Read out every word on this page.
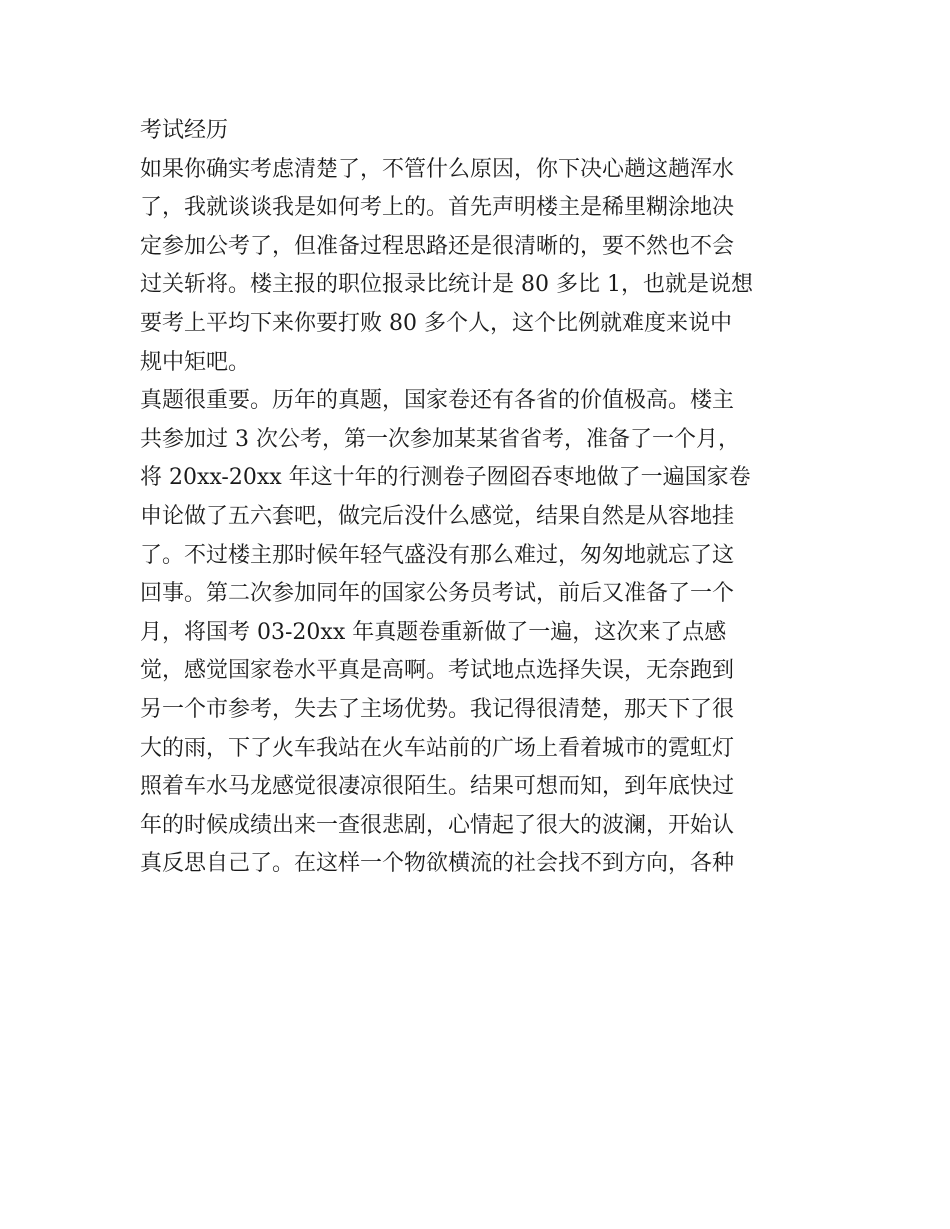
考试经历
如果你确实考虑清楚了，不管什么原因，你下决心趟这趟浑水
了，我就谈谈我是如何考上的。首先声明楼主是稀里糊涂地决
定参加公考了，但准备过程思路还是很清晰的，要不然也不会
过关斩将。楼主报的职位报录比统计是 80 多比 1，也就是说想
要考上平均下来你要打败 80 多个人，这个比例就难度来说中
规中矩吧。
真题很重要。历年的真题，国家卷还有各省的价值极高。楼主
共参加过 3 次公考，第一次参加某某省省考，准备了一个月，
将 20xx-20xx 年这十年的行测卷子囫囵吞枣地做了一遍国家卷
申论做了五六套吧，做完后没什么感觉，结果自然是从容地挂
了。不过楼主那时候年轻气盛没有那么难过，匆匆地就忘了这
回事。第二次参加同年的国家公务员考试，前后又准备了一个
月，将国考 03-20xx 年真题卷重新做了一遍，这次来了点感
觉，感觉国家卷水平真是高啊。考试地点选择失误，无奈跑到
另一个市参考，失去了主场优势。我记得很清楚，那天下了很
大的雨，下了火车我站在火车站前的广场上看着城市的霓虹灯
照着车水马龙感觉很凄凉很陌生。结果可想而知，到年底快过
年的时候成绩出来一查很悲剧，心情起了很大的波澜，开始认
真反思自己了。在这样一个物欲横流的社会找不到方向，各种
